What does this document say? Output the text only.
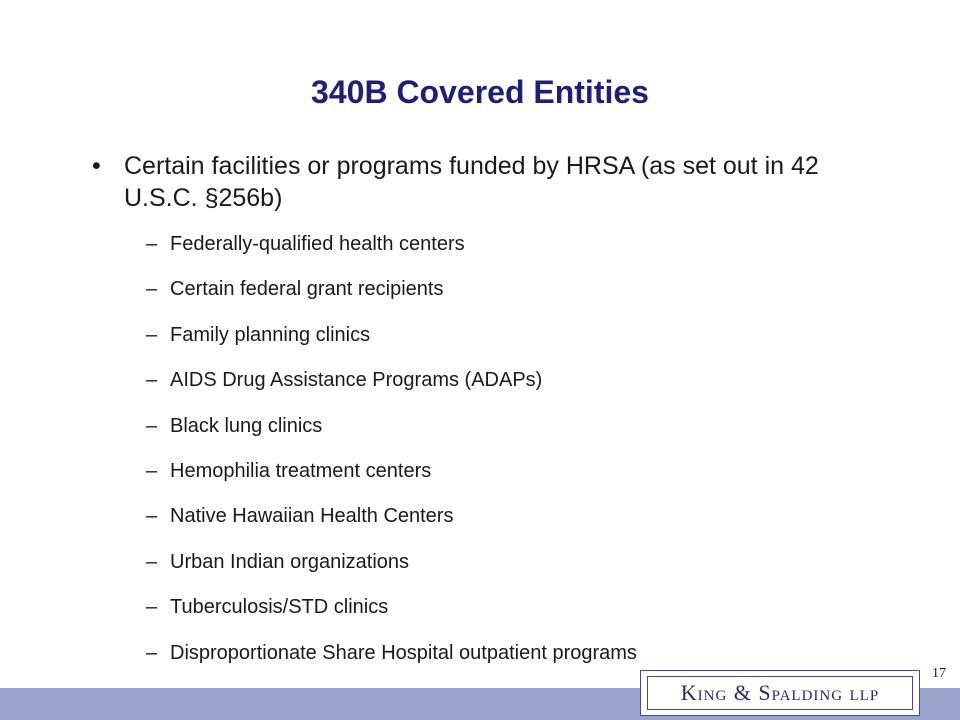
340B Covered Entities
• Certain facilities or programs funded by HRSA (as set out in 42 U.S.C. §256b)
– Federally-qualified health centers
– Certain federal grant recipients
– Family planning clinics
– AIDS Drug Assistance Programs (ADAPs)
– Black lung clinics
– Hemophilia treatment centers
– Native Hawaiian Health Centers
– Urban Indian organizations
– Tuberculosis/STD clinics
– Disproportionate Share Hospital outpatient programs
17
King & Spalding llp
